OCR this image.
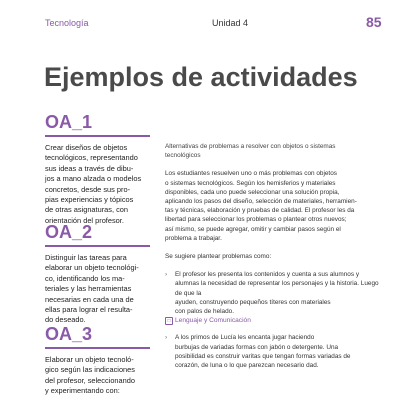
Tecnología	Unidad 4	85
Ejemplos de actividades
OA_1
Crear diseños de objetos
tecnológicos, representando
sus ideas a través de dibu-
jos a mano alzada o modelos
concretos, desde sus pro-
pias experiencias y tópicos
de otras asignaturas, con
orientación del profesor.
OA_2
Distinguir las tareas para
elaborar un objeto tecnológi-
co, identificando los ma-
teriales y las herramientas
necesarias en cada una de
ellas para lograr el resulta-
do deseado.
OA_3
Elaborar un objeto tecnoló-
gico según las indicaciones
del profesor, seleccionando
y experimentando con:

Alternativas de problemas a resolver con objetos o sistemas
tecnológicos

Los estudiantes resuelven uno o más problemas con objetos
o sistemas tecnológicos. Según los hemisferios y materiales
disponibles, cada uno puede seleccionar una solución propia,
aplicando los pasos del diseño, selección de materiales, herramien-
tas y técnicas, elaboración y pruebas de calidad. El profesor les da
libertad para seleccionar los problemas o plantear otros nuevos;
así mismo, se puede agregar, omitir y cambiar pasos según el
problema a trabajar.

Se sugiere plantear problemas como:

› El profesor les presenta los contenidos y cuenta a sus alumnos y
alumnas la necesidad de representar los personajes y la historia. Luego de que la
ayuden, construyendo pequeños títeres con materiales
con palos de helado.

□ Lenguaje y Comunicación
› A los primos de Lucía les encanta jugar haciendo
burbujas de variadas formas con jabón o detergente. Una
posibilidad es construir varitas que tengan formas variadas de
corazón, de luna o lo que parezcan necesario dad.
